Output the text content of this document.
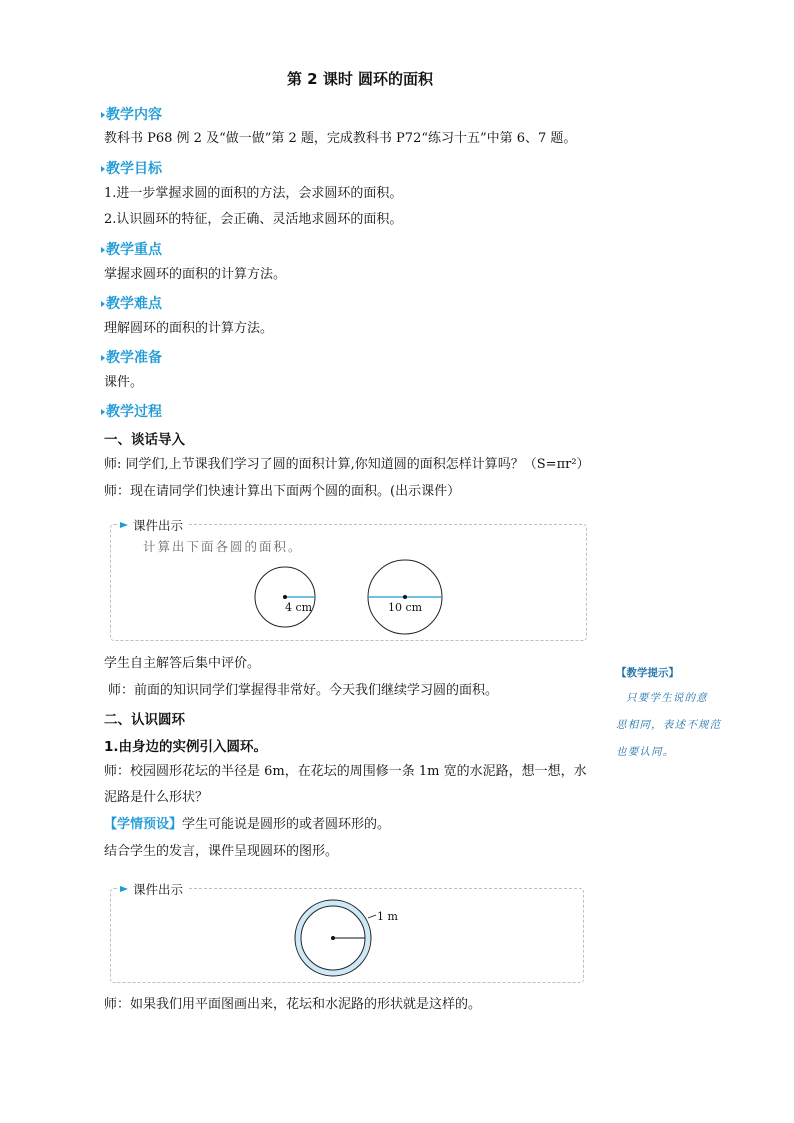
第 2 课时 圆环的面积
教学内容
教科书 P68 例 2 及“做一做”第 2 题，完成教科书 P72“练习十五”中第 6、7 题。
教学目标
1.进一步掌握求圆的面积的方法，会求圆环的面积。
2.认识圆环的特征，会正确、灵活地求圆环的面积。
教学重点
掌握求圆环的面积的计算方法。
教学难点
理解圆环的面积的计算方法。
教学准备
课件。
教学过程
一、谈话导入
师: 同学们,上节课我们学习了圆的面积计算,你知道圆的面积怎样计算吗？（S=πr²）
师：现在请同学们快速计算出下面两个圆的面积。(出示课件）
课件出示
计算出下面各圆的面积。
4 cm	10 cm
学生自主解答后集中评价。
师：前面的知识同学们掌握得非常好。今天我们继续学习圆的面积。
二、认识圆环
1.由身边的实例引入圆环。
师：校园圆形花坛的半径是 6m，在花坛的周围修一条 1m 宽的水泥路，想一想，水
泥路是什么形状？
【学情预设】学生可能说是圆形的或者圆环形的。
结合学生的发言，课件呈现圆环的图形。
课件出示
1 m
师：如果我们用平面图画出来，花坛和水泥路的形状就是这样的。
【教学提示】
只要学生说的意
思相同，表述不规范
也要认同。
